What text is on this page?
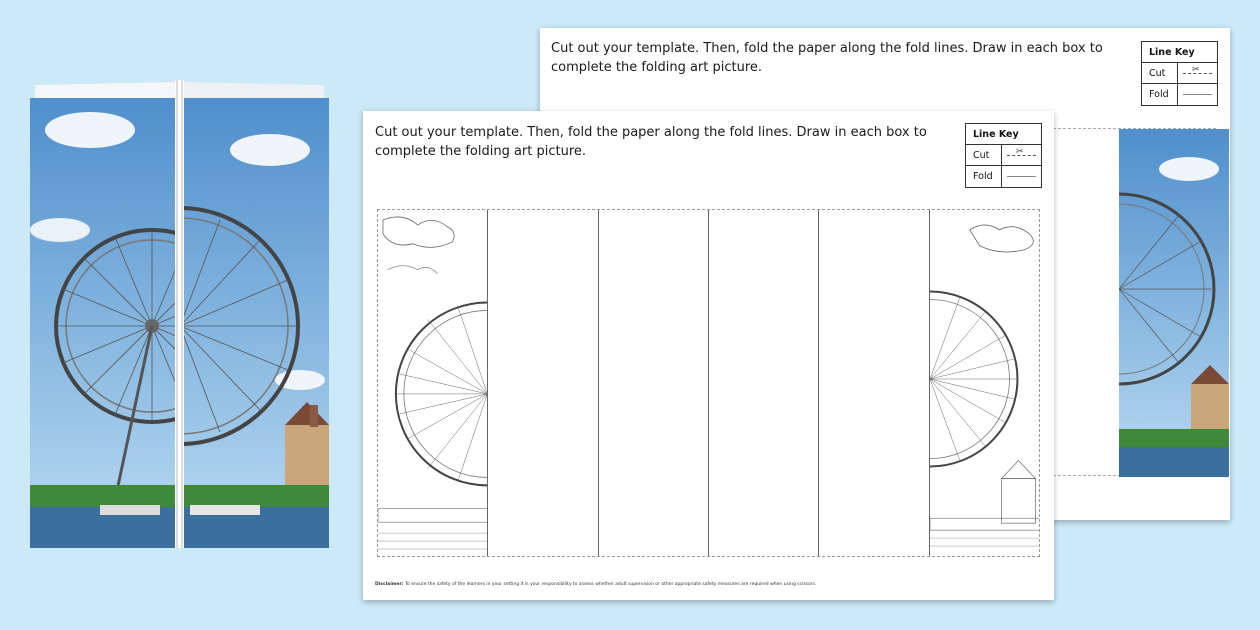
Cut out your template. Then, fold the paper along the fold lines. Draw in each box to complete the folding art picture.
Line Key
Cut	✂
Fold
Cut out your template. Then, fold the paper along the fold lines. Draw in each box to complete the folding art picture.
Line Key
Cut	✂
Fold
Disclaimer: To ensure the safety of the learners in your setting it is your responsibility to assess whether adult supervision or other appropriate safety measures are required when using scissors.
